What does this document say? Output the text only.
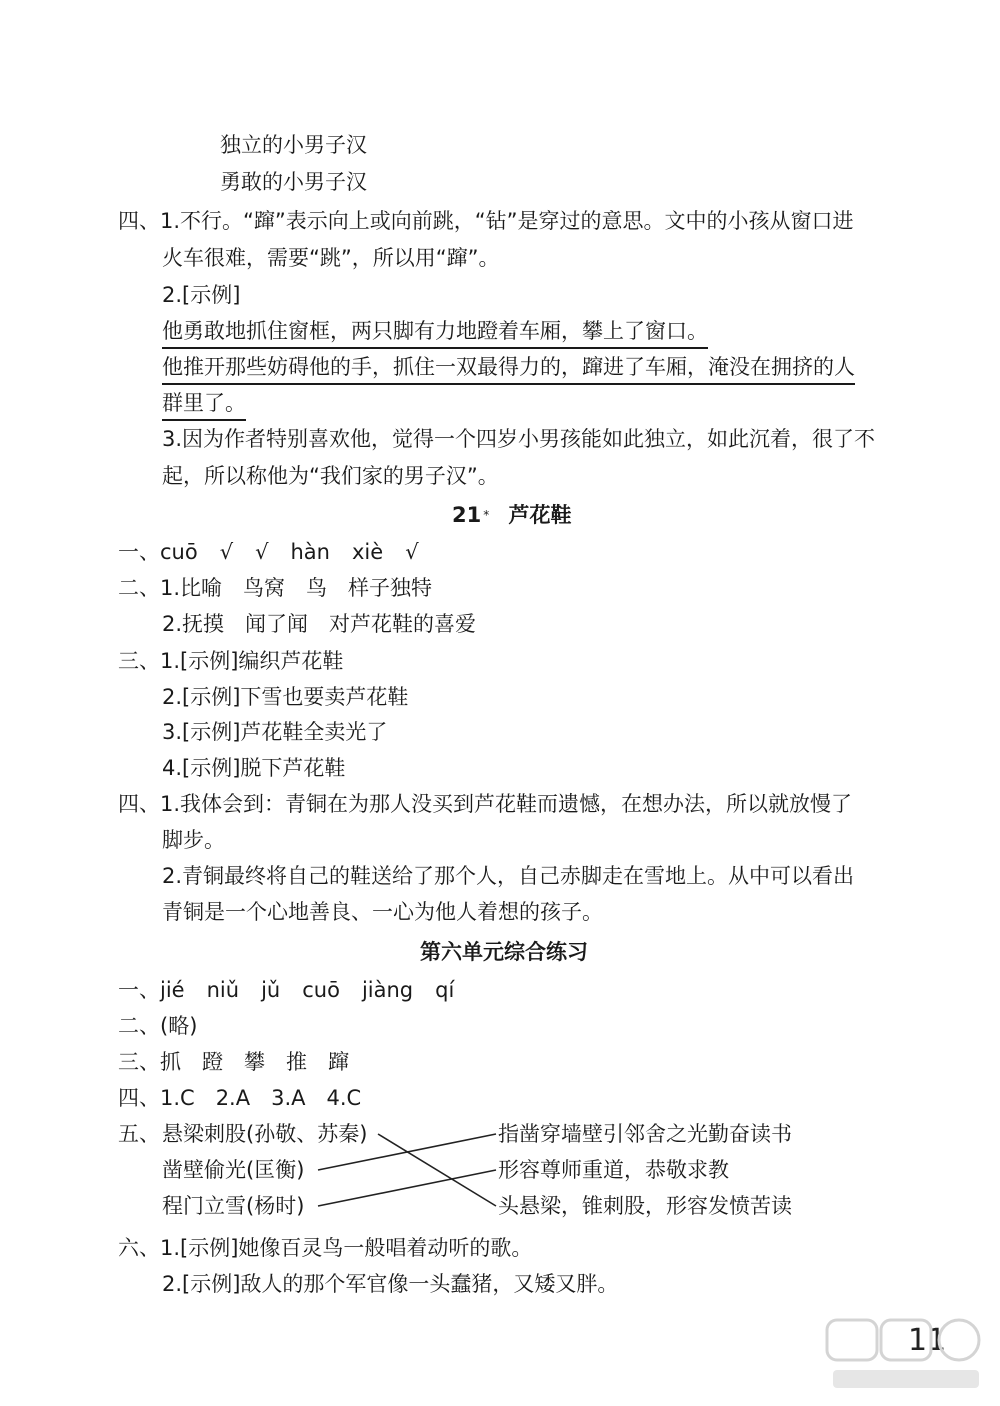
独立的小男子汉
勇敢的小男子汉
四、1.不行。“蹿”表示向上或向前跳，“钻”是穿过的意思。文中的小孩从窗口进
火车很难，需要“跳”，所以用“蹿”。
2.[示例]
他勇敢地抓住窗框，两只脚有力地蹬着车厢，攀上了窗口。
他推开那些妨碍他的手，抓住一双最得力的，蹿进了车厢，淹没在拥挤的人
群里了。
3.因为作者特别喜欢他，觉得一个四岁小男孩能如此独立，如此沉着，很了不
起，所以称他为“我们家的男子汉”。
21 * 芦花鞋
一、cuō √ √ hàn xiè √
二、1.比喻　鸟窝　鸟　样子独特
2.抚摸　闻了闻　对芦花鞋的喜爱
三、1.[示例]编织芦花鞋
2.[示例]下雪也要卖芦花鞋
3.[示例]芦花鞋全卖光了
4.[示例]脱下芦花鞋
四、1.我体会到：青铜在为那人没买到芦花鞋而遗憾，在想办法，所以就放慢了
脚步。
2.青铜最终将自己的鞋送给了那个人，自己赤脚走在雪地上。从中可以看出
青铜是一个心地善良、一心为他人着想的孩子。
第六单元综合练习
一、jié niǔ jǔ cuō jiàng qí
二、(略)
三、抓　蹬　攀　推　蹿
四、1.C　2.A　3.A　4.C
五、 悬梁刺股(孙敬、苏秦)
凿壁偷光(匡衡)
程门立雪(杨时)
指凿穿墙壁引邻舍之光勤奋读书
形容尊师重道，恭敬求教
头悬梁，锥刺股，形容发愤苦读
六、1.[示例]她像百灵鸟一般唱着动听的歌。
2.[示例]敌人的那个军官像一头蠢猪，又矮又胖。
11
